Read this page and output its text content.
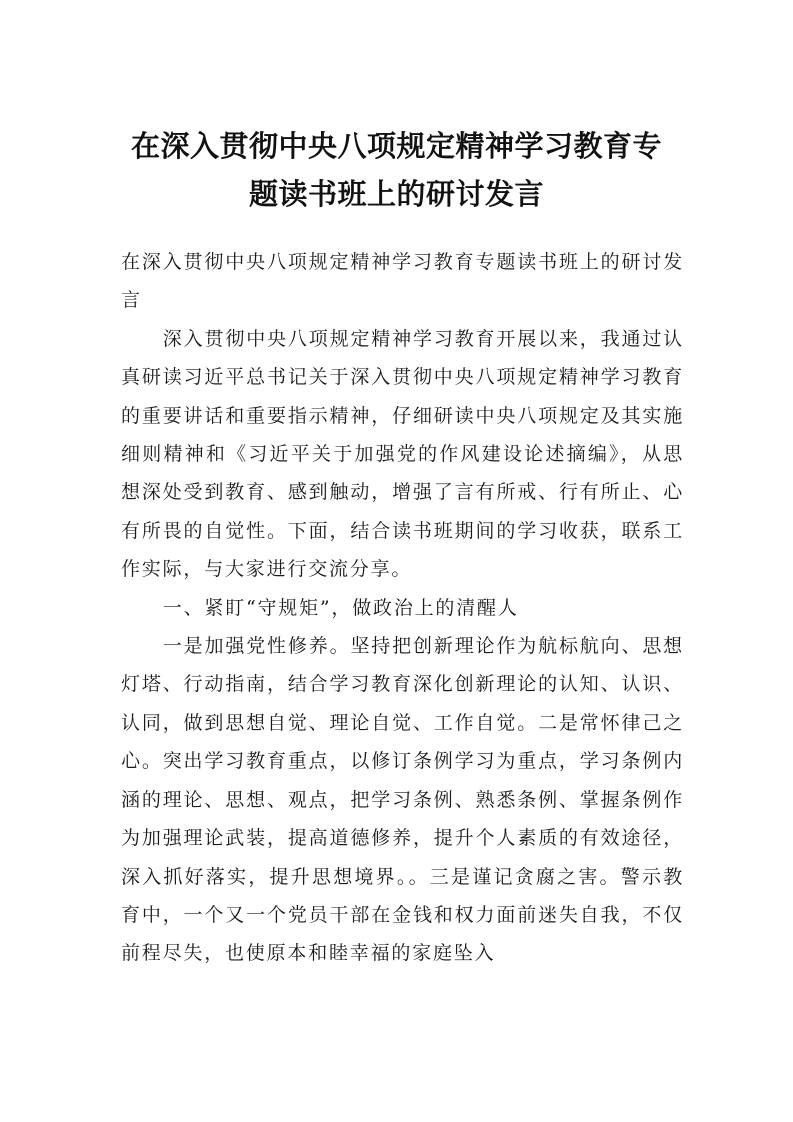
在深入贯彻中央八项规定精神学习教育专
题读书班上的研讨发言

在深入贯彻中央八项规定精神学习教育专题读书班上的研讨发言

深入贯彻中央八项规定精神学习教育开展以来，我通过认真研读习近平总书记关于深入贯彻中央八项规定精神学习教育的重要讲话和重要指示精神，仔细研读中央八项规定及其实施细则精神和《习近平关于加强党的作风建设论述摘编》，从思想深处受到教育、感到触动，增强了言有所戒、行有所止、心有所畏的自觉性。下面，结合读书班期间的学习收获，联系工作实际，与大家进行交流分享。

一、紧盯“守规矩”，做政治上的清醒人

一是加强党性修养。坚持把创新理论作为航标航向、思想灯塔、行动指南，结合学习教育深化创新理论的认知、认识、认同，做到思想自觉、理论自觉、工作自觉。二是常怀律己之心。突出学习教育重点，以修订条例学习为重点，学习条例内涵的理论、思想、观点，把学习条例、熟悉条例、掌握条例作为加强理论武装，提高道德修养，提升个人素质的有效途径，深入抓好落实，提升思想境界。。三是谨记贪腐之害。警示教育中，一个又一个党员干部在金钱和权力面前迷失自我，不仅前程尽失，也使原本和睦幸福的家庭坠入
